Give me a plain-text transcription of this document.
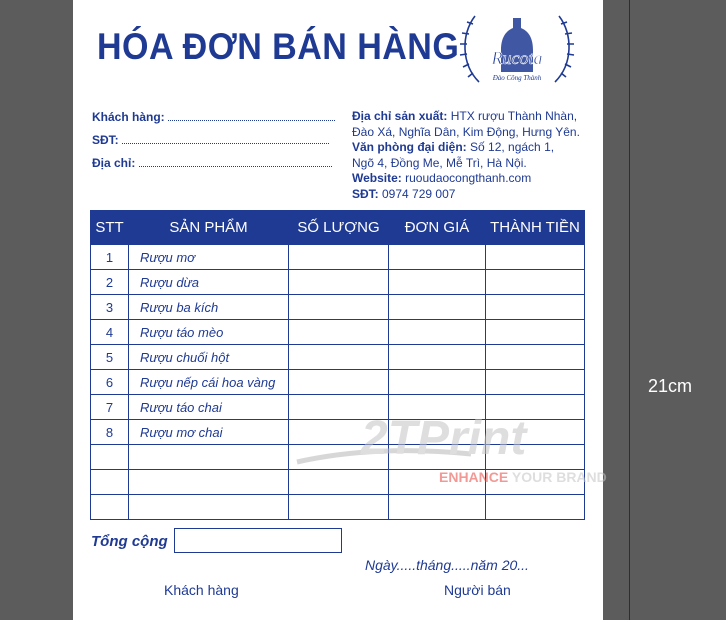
HÓA ĐƠN BÁN HÀNG Rucota
Đào Công Thành
Khách hàng:
SĐT:
Địa chỉ:
Địa chỉ sản xuất: HTX rượu Thành Nhàn,
Đào Xá, Nghĩa Dân, Kim Động, Hưng Yên.
Văn phòng đại diện: Số 12, ngách 1,
Ngõ 4, Đồng Me, Mễ Trì, Hà Nội.
Website: ruoudaocongthanh.com
SĐT: 0974 729 007
STT	SẢN PHẨM	SỐ LƯỢNG	ĐƠN GIÁ	THÀNH TIỀN
1	Rượu mơ			
2	Rượu dừa			
3	Rượu ba kích			
4	Rượu táo mèo			
5	Rượu chuối hột			
6	Rượu nếp cái hoa vàng			
7	Rượu táo chai			
8	Rượu mơ chai			

					2TPrint
ENHANCE YOUR BRAND
Tổng cộng
Ngày.....tháng.....năm 20...
Khách hàng	Người bán
21cm
